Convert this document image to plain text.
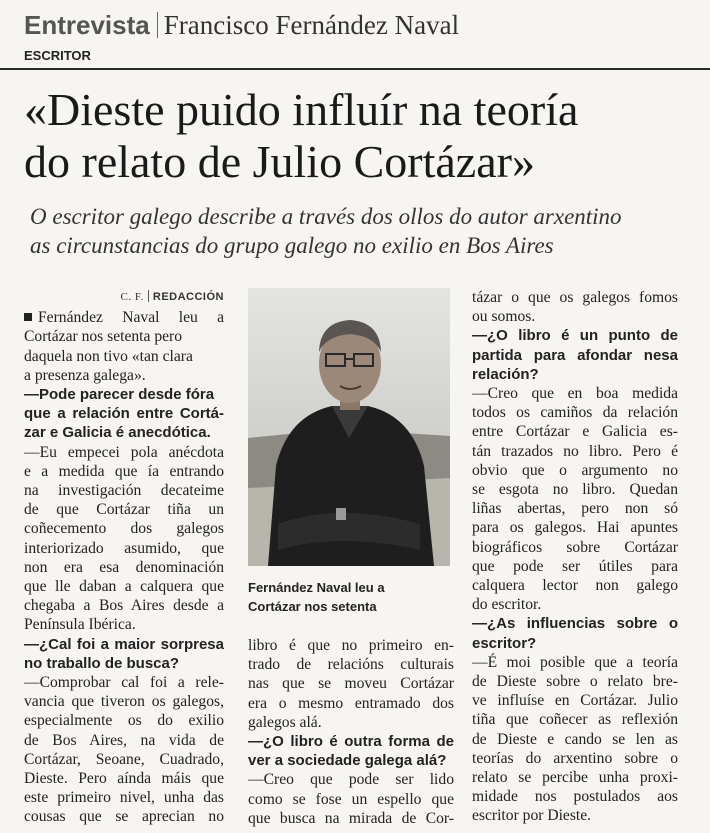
Entrevista Francisco Fernández Naval
ESCRITOR
«Dieste puido influír na teoría
do relato de Julio Cortázar»

O escritor galego describe a través dos ollos do autor arxentino
as circunstancias do grupo galego no exilio en Bos Aires

C. F. REDACCIÓN
Fernández Naval leu a
Cortázar nos setenta pero
daquela non tivo «tan clara
a presenza galega».
—Pode parecer desde fóra
que a relación entre Cortá-
zar e Galicia é anecdótica.
—Eu empecei pola anécdota
e a medida que ía entrando
na investigación decateime
de que Cortázar tiña un
coñecemento dos galegos
interiorizado asumido, que
non era esa denominación
que lle daban a calquera que
chegaba a Bos Aires desde a
Península Ibérica.
—¿Cal foi a maior sorpresa
no traballo de busca?
—Comprobar cal foi a rele-
vancia que tiveron os galegos,
especialmente os do exilio
de Bos Aires, na vida de
Cortázar, Seoane, Cuadrado,
Dieste. Pero aínda máis que
este primeiro nivel, unha das
cousas que se aprecian no
Fernández Naval leu a
Cortázar nos setenta
libro é que no primeiro en-
trado de relacións culturais
nas que se moveu Cortázar
era o mesmo entramado dos
galegos alá.
—¿O libro é outra forma de
ver a sociedade galega alá?
—Creo que pode ser lido
como se fose un espello que
que busca na mirada de Cor-
tázar o que os galegos fomos
ou somos.
—¿O libro é un punto de
partida para afondar nesa
relación?
—Creo que en boa medida
todos os camiños da relación
entre Cortázar e Galicia es-
tán trazados no libro. Pero é
obvio que o argumento no
se esgota no libro. Quedan
liñas abertas, pero non só
para os galegos. Hai apuntes
biográficos sobre Cortázar
que pode ser útiles para
calquera lector non galego
do escritor.
—¿As influencias sobre o
escritor?
—É moi posible que a teoría
de Dieste sobre o relato bre-
ve influíse en Cortázar. Julio
tiña que coñecer as reflexión
de Dieste e cando se len as
teorías do arxentino sobre o
relato se percibe unha proxi-
midade nos postulados aos
escritor por Dieste.
